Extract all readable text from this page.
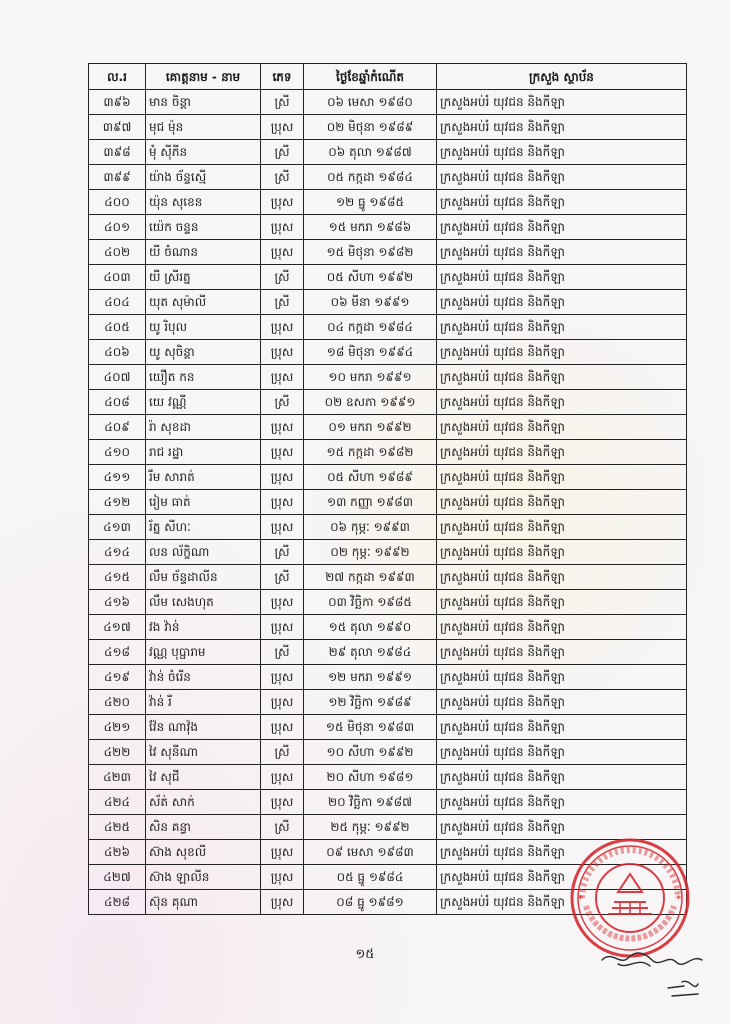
ល.រ	គោត្តនាម - នាម	ភេទ	ថ្ងៃខែឆ្នាំកំណើត	ក្រសួង ស្ថាប័ន
៣៩៦	មាន ចិន្តា	ស្រី	០៦ មេសា ១៩៨០	ក្រសួងអប់រំ យុវជន និងកីឡា
៣៩៧	មុជ ម៉ុន	ប្រុស	០២ មិថុនា ១៩៨៩	ក្រសួងអប់រំ យុវជន និងកីឡា
៣៩៨	មុំ ស៊ីភីន	ស្រី	០៦ តុលា ១៩៨៧	ក្រសួងអប់រំ យុវជន និងកីឡា
៣៩៩	យ៉ាង ច័ន្ទស្មើ	ស្រី	០៥ កក្កដា ១៩៨៤	ក្រសួងអប់រំ យុវជន និងកីឡា
៤០០	យ៉ុន សុខេន	ប្រុស	១២ ធ្នូ ១៩៨៥	ក្រសួងអប់រំ យុវជន និងកីឡា
៤០១	យ៉េក ចន្ទន	ប្រុស	១៥ មករា ១៩៨៦	ក្រសួងអប់រំ យុវជន និងកីឡា
៤០២	យី ចំណាន	ប្រុស	១៥ មិថុនា ១៩៨២	ក្រសួងអប់រំ យុវជន និងកីឡា
៤០៣	យី ស្រីរត្ន	ស្រី	០៥ សីហា ១៩៩២	ក្រសួងអប់រំ យុវជន និងកីឡា
៤០៤	យុត សុម៉ាលី	ស្រី	០៦ មីនា ១៩៩១	ក្រសួងអប់រំ យុវជន និងកីឡា
៤០៥	យូ រិបុល	ប្រុស	០៤ កក្កដា ១៩៨៤	ក្រសួងអប់រំ យុវជន និងកីឡា
៤០៦	យូ សុចិន្តា	ប្រុស	១៨ មិថុនា ១៩៩៤	ក្រសួងអប់រំ យុវជន និងកីឡា
៤០៧	យឿត កន	ប្រុស	១០ មករា ១៩៩១	ក្រសួងអប់រំ យុវជន និងកីឡា
៤០៨	យេ វណ្ណី	ស្រី	០២ ឧសភា ១៩៩១	ក្រសួងអប់រំ យុវជន និងកីឡា
៤០៩	រ៉ា សុខដា	ប្រុស	០១ មករា ១៩៩២	ក្រសួងអប់រំ យុវជន និងកីឡា
៤១០	រាជ រដ្ឋា	ប្រុស	១៥ កក្កដា ១៩៨២	ក្រសួងអប់រំ យុវជន និងកីឡា
៤១១	រឹម សារាត់	ប្រុស	០៥ សីហា ១៩៨៩	ក្រសួងអប់រំ យុវជន និងកីឡា
៤១២	រៀម ធាត់	ប្រុស	១៣ កញ្ញា ១៩៨៣	ក្រសួងអប់រំ យុវជន និងកីឡា
៤១៣	រ័ត្ន សីហៈ	ប្រុស	០៦ កុម្ភៈ ១៩៩៣	ក្រសួងអប់រំ យុវជន និងកីឡា
៤១៤	លន ល័ក្ខិណា	ស្រី	០២ កុម្ភៈ ១៩៩២	ក្រសួងអប់រំ យុវជន និងកីឡា
៤១៥	លឹម ច័ន្ទដាលីន	ស្រី	២៧ កក្កដា ១៩៩៣	ក្រសួងអប់រំ យុវជន និងកីឡា
៤១៦	លឹម សេងហុត	ប្រុស	០៣ វិច្ឆិកា ១៩៨៥	ក្រសួងអប់រំ យុវជន និងកីឡា
៤១៧	វង វ៉ាន់	ប្រុស	១៥ តុលា ១៩៩០	ក្រសួងអប់រំ យុវជន និងកីឡា
៤១៨	វណ្ណ បុប្ផារាម	ស្រី	២៩ តុលា ១៩៨៤	ក្រសួងអប់រំ យុវជន និងកីឡា
៤១៩	វ៉ាន់ ចំរើន	ប្រុស	១២ មករា ១៩៩១	ក្រសួងអប់រំ យុវជន និងកីឡា
៤២០	វ៉ាន់ រី	ប្រុស	១២ វិច្ឆិកា ១៩៨៩	ក្រសួងអប់រំ យុវជន និងកីឡា
៤២១	វ៉ែន ណាវ៉ុង	ប្រុស	១៥ មិថុនា ១៩៨៣	ក្រសួងអប់រំ យុវជន និងកីឡា
៤២២	វៃ សុនីណា	ស្រី	១០ សីហា ១៩៩២	ក្រសួងអប់រំ យុវជន និងកីឡា
៤២៣	វៃ សុជី	ប្រុស	២០ សីហា ១៩៨១	ក្រសួងអប់រំ យុវជន និងកីឡា
៤២៤	ស័ត់ សាក់	ប្រុស	២០ វិច្ឆិកា ១៩៨៧	ក្រសួងអប់រំ យុវជន និងកីឡា
៤២៥	សិន គន្ធា	ស្រី	២៥ កុម្ភៈ ១៩៩២	ក្រសួងអប់រំ យុវជន និងកីឡា
៤២៦	ស៊ាង សុខលី	ប្រុស	០៩ មេសា ១៩៨៣	ក្រសួងអប់រំ យុវជន និងកីឡា
៤២៧	ស៊ាង ឡាលីន	ប្រុស	០៥ ធ្នូ ១៩៨៤	ក្រសួងអប់រំ យុវជន និងកីឡា
៤២៨	ស៊ុន គុណា	ប្រុស	០៨ ធ្នូ ១៩៨១	ក្រសួងអប់រំ យុវជន និងកីឡា *	*
១៥
